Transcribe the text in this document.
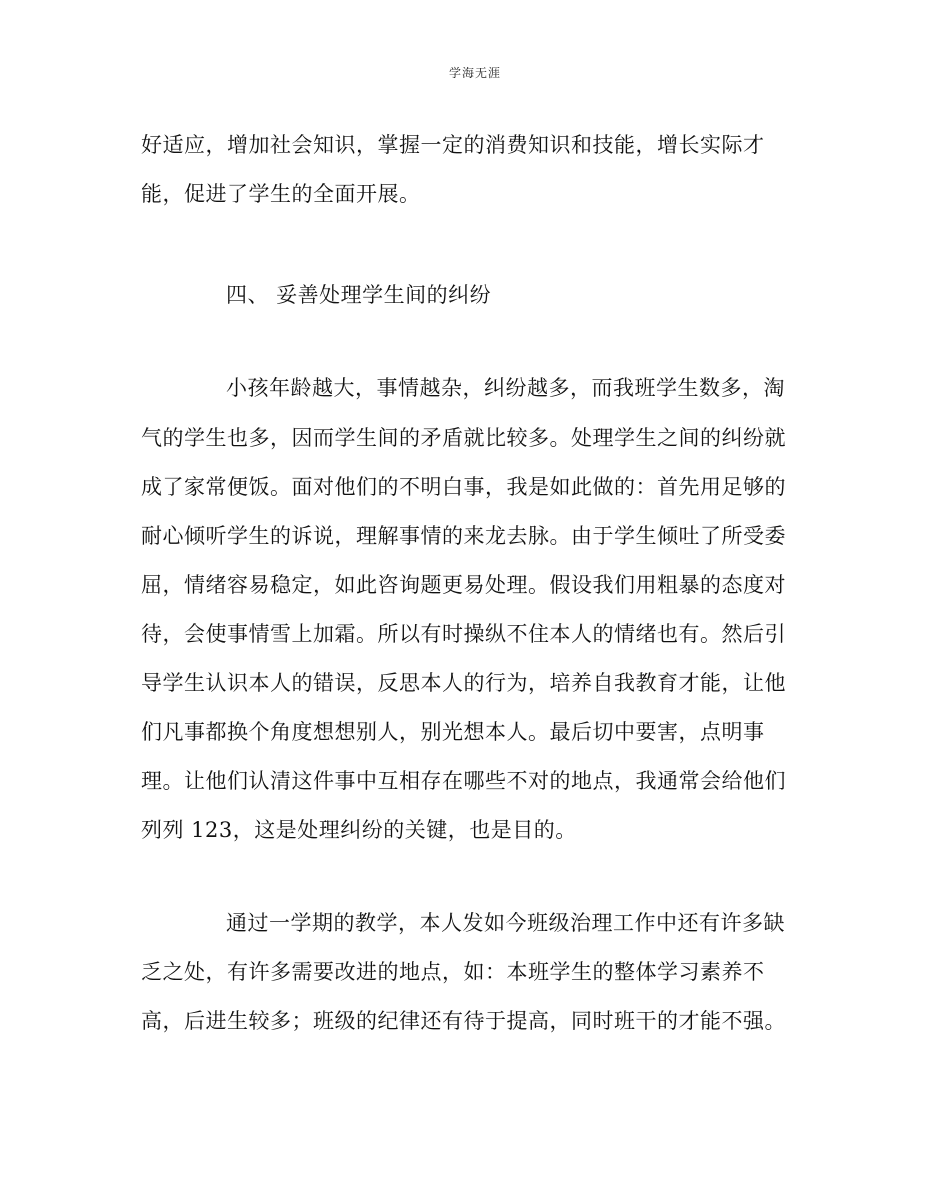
学海无涯
好适应，增加社会知识，掌握一定的消费知识和技能，增长实际才
能，促进了学生的全面开展。
四、 妥善处理学生间的纠纷
小孩年龄越大，事情越杂，纠纷越多，而我班学生数多，淘
气的学生也多，因而学生间的矛盾就比较多。处理学生之间的纠纷就
成了家常便饭。面对他们的不明白事，我是如此做的：首先用足够的
耐心倾听学生的诉说，理解事情的来龙去脉。由于学生倾吐了所受委
屈，情绪容易稳定，如此咨询题更易处理。假设我们用粗暴的态度对
待，会使事情雪上加霜。所以有时操纵不住本人的情绪也有。然后引
导学生认识本人的错误，反思本人的行为，培养自我教育才能，让他
们凡事都换个角度想想别人，别光想本人。最后切中要害，点明事
理。让他们认清这件事中互相存在哪些不对的地点，我通常会给他们
列列 123，这是处理纠纷的关键，也是目的。
通过一学期的教学，本人发如今班级治理工作中还有许多缺
乏之处，有许多需要改进的地点，如：本班学生的整体学习素养不
高，后进生较多；班级的纪律还有待于提高，同时班干的才能不强。
